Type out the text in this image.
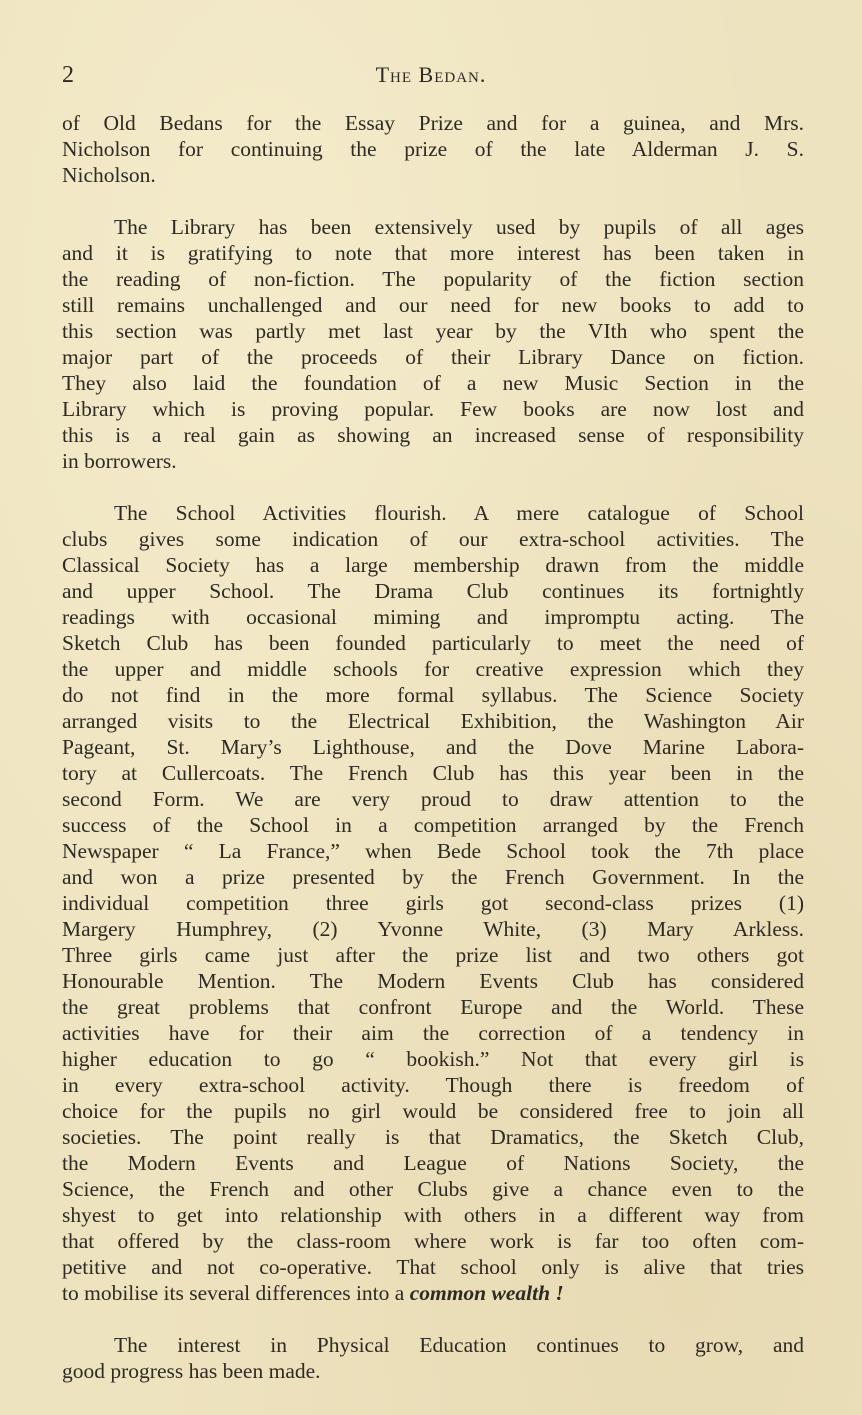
2	The Bedan.

of Old Bedans for the Essay Prize and for a guinea, and Mrs.
Nicholson for continuing the prize of the late Alderman J. S.
Nicholson.

The Library has been extensively used by pupils of all ages
and it is gratifying to note that more interest has been taken in
the reading of non-fiction. The popularity of the fiction section
still remains unchallenged and our need for new books to add to
this section was partly met last year by the VIth who spent the
major part of the proceeds of their Library Dance on fiction.
They also laid the foundation of a new Music Section in the
Library which is proving popular. Few books are now lost and
this is a real gain as showing an increased sense of responsibility
in borrowers.

The School Activities flourish. A mere catalogue of School
clubs gives some indication of our extra-school activities. The
Classical Society has a large membership drawn from the middle
and upper School. The Drama Club continues its fortnightly
readings with occasional miming and impromptu acting. The
Sketch Club has been founded particularly to meet the need of
the upper and middle schools for creative expression which they
do not find in the more formal syllabus. The Science Society
arranged visits to the Electrical Exhibition, the Washington Air
Pageant, St. Mary’s Lighthouse, and the Dove Marine Labora-
tory at Cullercoats. The French Club has this year been in the
second Form. We are very proud to draw attention to the
success of the School in a competition arranged by the French
Newspaper “ La France,” when Bede School took the 7th place
and won a prize presented by the French Government. In the
individual competition three girls got second-class prizes (1)
Margery Humphrey, (2) Yvonne White, (3) Mary Arkless.
Three girls came just after the prize list and two others got
Honourable Mention. The Modern Events Club has considered
the great problems that confront Europe and the World. These
activities have for their aim the correction of a tendency in
higher education to go “ bookish.” Not that every girl is
in every extra-school activity. Though there is freedom of
choice for the pupils no girl would be considered free to join all
societies. The point really is that Dramatics, the Sketch Club,
the Modern Events and League of Nations Society, the
Science, the French and other Clubs give a chance even to the
shyest to get into relationship with others in a different way from
that offered by the class-room where work is far too often com-
petitive and not co-operative. That school only is alive that tries
to mobilise its several differences into a common wealth !

The interest in Physical Education continues to grow, and
good progress has been made.
